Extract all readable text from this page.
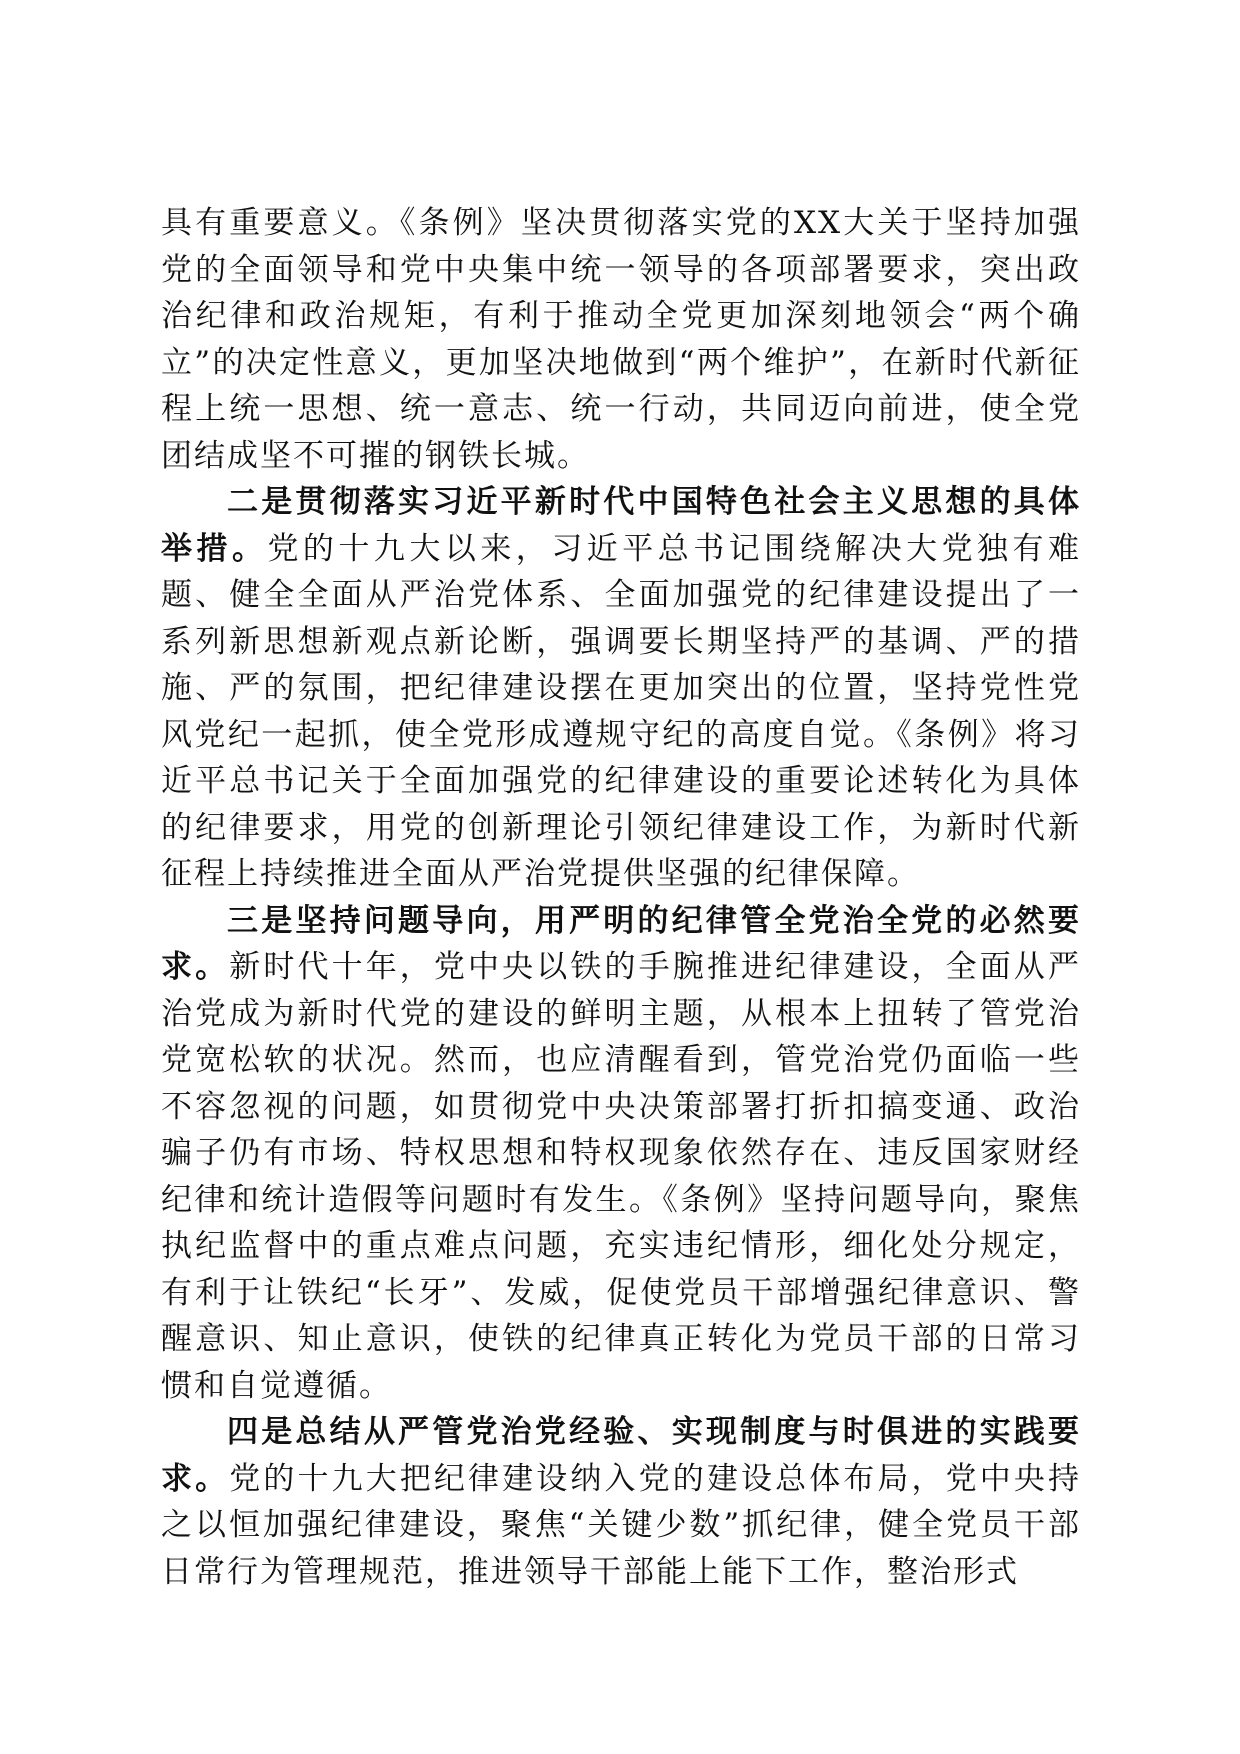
具有重要意义。《条例》坚决贯彻落实党的XX大关于坚持加强党的全面领导和党中央集中统一领导的各项部署要求，突出政治纪律和政治规矩，有利于推动全党更加深刻地领会“两个确立”的决定性意义，更加坚决地做到“两个维护”，在新时代新征程上统一思想、统一意志、统一行动，共同迈向前进，使全党团结成坚不可摧的钢铁长城。

二是贯彻落实习近平新时代中国特色社会主义思想的具体举措。党的十九大以来，习近平总书记围绕解决大党独有难题、健全全面从严治党体系、全面加强党的纪律建设提出了一系列新思想新观点新论断，强调要长期坚持严的基调、严的措施、严的氛围，把纪律建设摆在更加突出的位置，坚持党性党风党纪一起抓，使全党形成遵规守纪的高度自觉。《条例》将习近平总书记关于全面加强党的纪律建设的重要论述转化为具体的纪律要求，用党的创新理论引领纪律建设工作，为新时代新征程上持续推进全面从严治党提供坚强的纪律保障。

三是坚持问题导向，用严明的纪律管全党治全党的必然要求。新时代十年，党中央以铁的手腕推进纪律建设，全面从严治党成为新时代党的建设的鲜明主题，从根本上扭转了管党治党宽松软的状况。然而，也应清醒看到，管党治党仍面临一些不容忽视的问题，如贯彻党中央决策部署打折扣搞变通、政治骗子仍有市场、特权思想和特权现象依然存在、违反国家财经纪律和统计造假等问题时有发生。《条例》坚持问题导向，聚焦执纪监督中的重点难点问题，充实违纪情形，细化处分规定，有利于让铁纪“长牙”、发威，促使党员干部增强纪律意识、警醒意识、知止意识，使铁的纪律真正转化为党员干部的日常习惯和自觉遵循。

四是总结从严管党治党经验、实现制度与时俱进的实践要求。党的十九大把纪律建设纳入党的建设总体布局，党中央持之以恒加强纪律建设，聚焦“关键少数”抓纪律，健全党员干部日常行为管理规范，推进领导干部能上能下工作，整治形式
